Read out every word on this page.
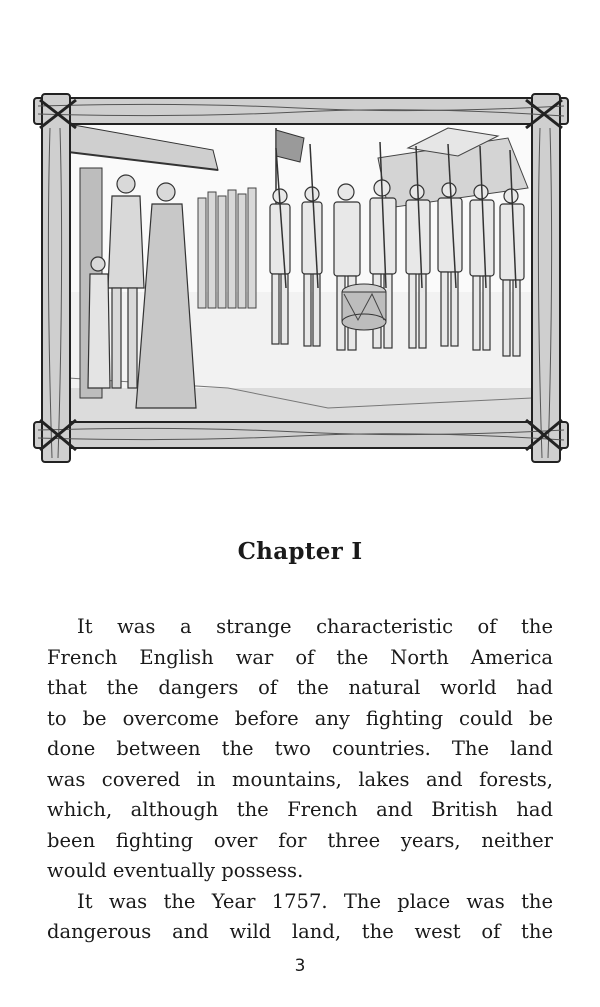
Chapter I

It was a strange characteristic of the
French English war of the North America
that the dangers of the natural world had
to be overcome before any fighting could be
done between the two countries. The land
was covered in mountains, lakes and forests,
which, although the French and British had
been fighting over for three years, neither
would eventually possess.

It was the Year 1757. The place was the
dangerous and wild land, the west of the

3
